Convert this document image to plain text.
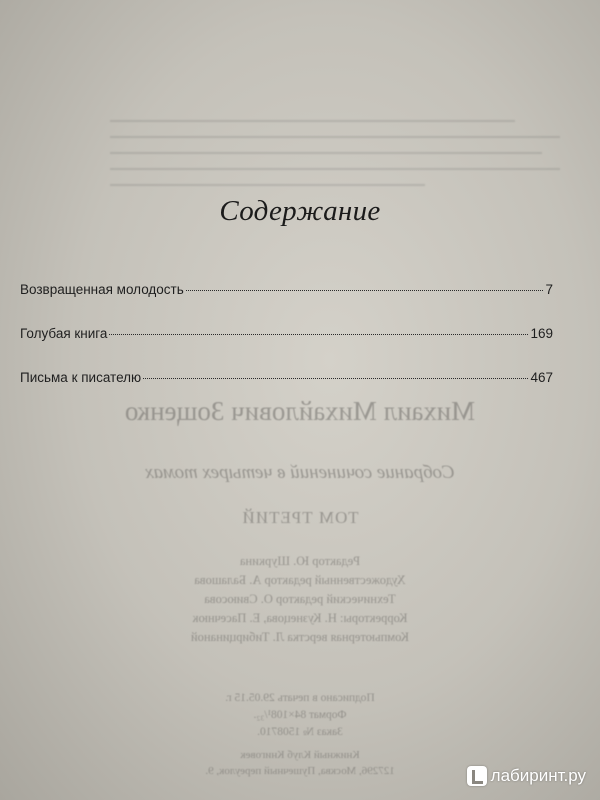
Содержание
Возвращенная молодость	7
Голубая книга	169
Письма к писателю	467
Михаил Михайлович Зощенко
Собрание сочинений в четырех томах
ТОМ ТРЕТИЙ
Редактор Ю. Шуркина
Художественный редактор А. Балашова
Технический редактор О. Свиюсова
Корректоры: Н. Кузнецова, Е. Пасечнюк
Компьютерная верстка Л. Тибирцинаной
Подписано в печать 29.05.15 г.
Формат 84×108¹/₃₂.
Заказ № 1508710.
Книжный Клуб Книговек
127296, Москва, Пушечный переулок, 9.	лабиринт.ру
